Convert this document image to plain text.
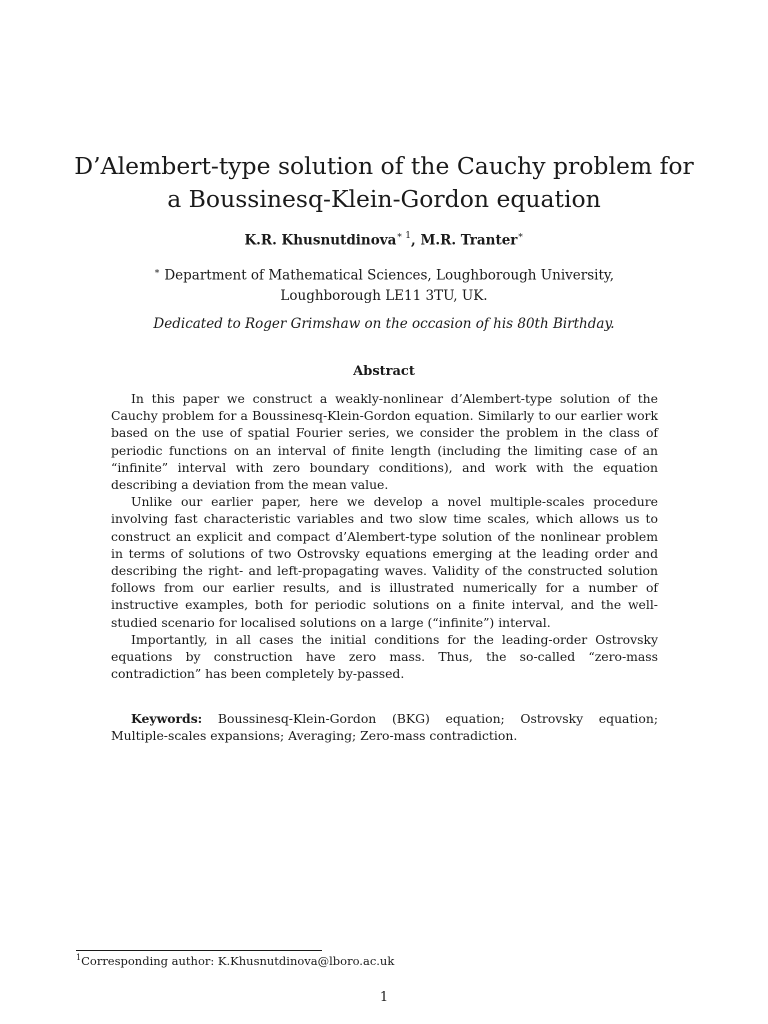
D’Alembert-type solution of the Cauchy problem for
a Boussinesq-Klein-Gordon equation

K.R. Khusnutdinova$^{∗ 1}$, M.R. Tranter∗

∗ Department of Mathematical Sciences, Loughborough University,
Loughborough LE11 3TU, UK.

Dedicated to Roger Grimshaw on the occasion of his 80th Birthday.

Abstract

In this paper we construct a weakly-nonlinear d’Alembert-type solution of the Cauchy problem for a Boussinesq-Klein-Gordon equation. Similarly to our earlier work based on the use of spatial Fourier series, we consider the problem in the class of periodic functions on an interval of finite length (including the limiting case of an “infinite” interval with zero boundary conditions), and work with the equation describing a deviation from the mean value.

Unlike our earlier paper, here we develop a novel multiple-scales procedure involving fast characteristic variables and two slow time scales, which allows us to construct an explicit and compact d’Alembert-type solution of the nonlinear problem in terms of solutions of two Ostrovsky equations emerging at the leading order and describing the right- and left-propagating waves. Validity of the constructed solution follows from our earlier results, and is illustrated numerically for a number of instructive examples, both for periodic solutions on a finite interval, and the well-studied scenario for localised solutions on a large (“infinite”) interval.

Importantly, in all cases the initial conditions for the leading-order Ostrovsky equations by construction have zero mass. Thus, the so-called “zero-mass contradiction” has been completely by-passed.

Keywords: Boussinesq-Klein-Gordon (BKG) equation; Ostrovsky equation; Multiple-scales expansions; Averaging; Zero-mass contradiction.

$^1$Corresponding author: K.Khusnutdinova@lboro.ac.uk

1
